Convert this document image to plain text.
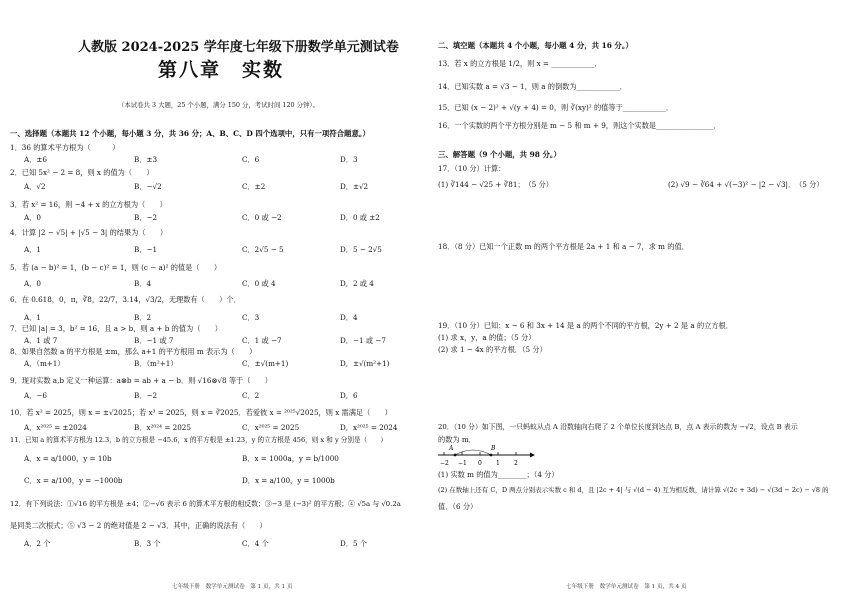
人教版 2024-2025 学年度七年级下册数学单元测试卷
第八章　实数
（本试卷共 3 大题，25 个小题，满分 150 分，考试时间 120 分钟）。
一、选择题（本题共 12 个小题，每小题 3 分，共 36 分；A、B、C、D 四个选项中，只有一项符合题意。）
1．36 的算术平方根为（　　　）
A．±6	B．±3	C．6	D．3
2．已知 5x² − 2 = 8，则 x 的值为（　　）
A．√2	B．−√2	C．±2	D．±√2
3．若 x² = 16，则 −4 + x 的立方根为（　　）
A．0	B．−2	C．0 或 −2	D．0 或 ±2
4．计算 |2 − √5| + |√5 − 3| 的结果为（　　）
A．1	B．−1	C．2√5 − 5	D．5 − 2√5
5．若 (a − b)² = 1，(b − c)² = 1，则 (c − a)² 的值是（　　）
A．0	B．4	C．0 或 4	D．2 或 4
6．在 0.618，0，π，∛8，22/7，3.14，√3/2，无理数有（　　）个．
A．1	B．2	C．3	D．4
7．已知 |a| = 3，b² = 16，且 a > b，则 a + b 的值为（　　）
A．1 或 7	B．−1 或 7	C．1 或 −7	D．−1 或 −7
8．如果自然数 a 的平方根是 ±m，那么 a+1 的平方根用 m 表示为（　　）
A．（m+1）	B．（m²+1）	C．±√(m+1)	D．±√(m²+1)
9．现对实数 a,b 定义一种运算：a⊗b = ab + a − b．则 √16⊗√8 等于（　　）
A．−6	B．−2	C．2	D．6
10．若 x² = 2025，则 x = ±√2025；若 x³ = 2025，则 x = ∛2025．若爱彼 x = ²⁰²⁵√2025，则 x 需满足（　　）
A．x²⁰²⁵ = ±2024	B．x²⁰²⁴ = 2025	C．x²⁰²⁵ = 2025	D．x²⁰²⁵ = 2024
11．已知 a 的算术平方根为 12.3，b 的立方根是 −45.6，x 的平方根是 ±1.23，y 的立方根是 456，则 x 和 y 分别是（　　）
A．x = a/1000，y = 10b	B．x = 1000a，y = b/1000
C．x = a/100，y = −1000b	D．x = a/100，y = 1000b
12．有下列说法：①√16 的平方根是 ±4；②−√6 表示 6 的算术平方根的相反数；③−3 是 (−3)² 的平方根；④ √5a 与 √0.2a
是同类二次根式；⑤ √3 − 2 的绝对值是 2 − √3．其中，正确的说法有（　　）
A．2 个	B．3 个	C．4 个	D．5 个
七年级下册　数学单元测试卷　第 1 页，共 1 页
二、填空题（本题共 4 个小题，每小题 4 分，共 16 分。）
13．若 x 的立方根是 1/2，则 x = ____________．
14．已知实数 a = √3 − 1，则 a 的倒数为____________．
15．已知 (x − 2)² + √(y + 4) = 0，则 ∛(xy)² 的值等于____________．
16．一个实数的两个平方根分别是 m − 5 和 m + 9，则这个实数是________________．
三、解答题（9 个小题，共 98 分。）
17．（10 分）计算：
(1) ∛144 − √25 + ∛81；　（5 分）	(2) √9 − ∛64 + √(−3)² − |2 − √3|．　（5 分）
18．（8 分）已知一个正数 m 的两个平方根是 2a + 1 和 a − 7，求 m 的值．
19．（10 分）已知：x − 6 和 3x + 14 是 a 的两个不同的平方根，2y + 2 是 a 的立方根．
(1) 求 x，y，a 的值；（5 分）
(2) 求 1 − 4x 的平方根．（5 分）
20．（10 分）如下图，一只蚂蚁从点 A 沿数轴向右爬了 2 个单位长度到达点 B，点 A 表示的数为 −√2，设点 B 表示
的数为 m．
A	B
−2 −1 0 1 2
(1) 实数 m 的值为________；（4 分）
(2) 在数轴上还有 C，D 两点分别表示实数 c 和 d，且 |2c + 4| 与 √(d − 4) 互为相反数，请计算 √(2c + 3d) − √(3d − 2c) − √8 的
值．（6 分）
七年级下册　数学单元测试卷　第 1 页，共 4 页
